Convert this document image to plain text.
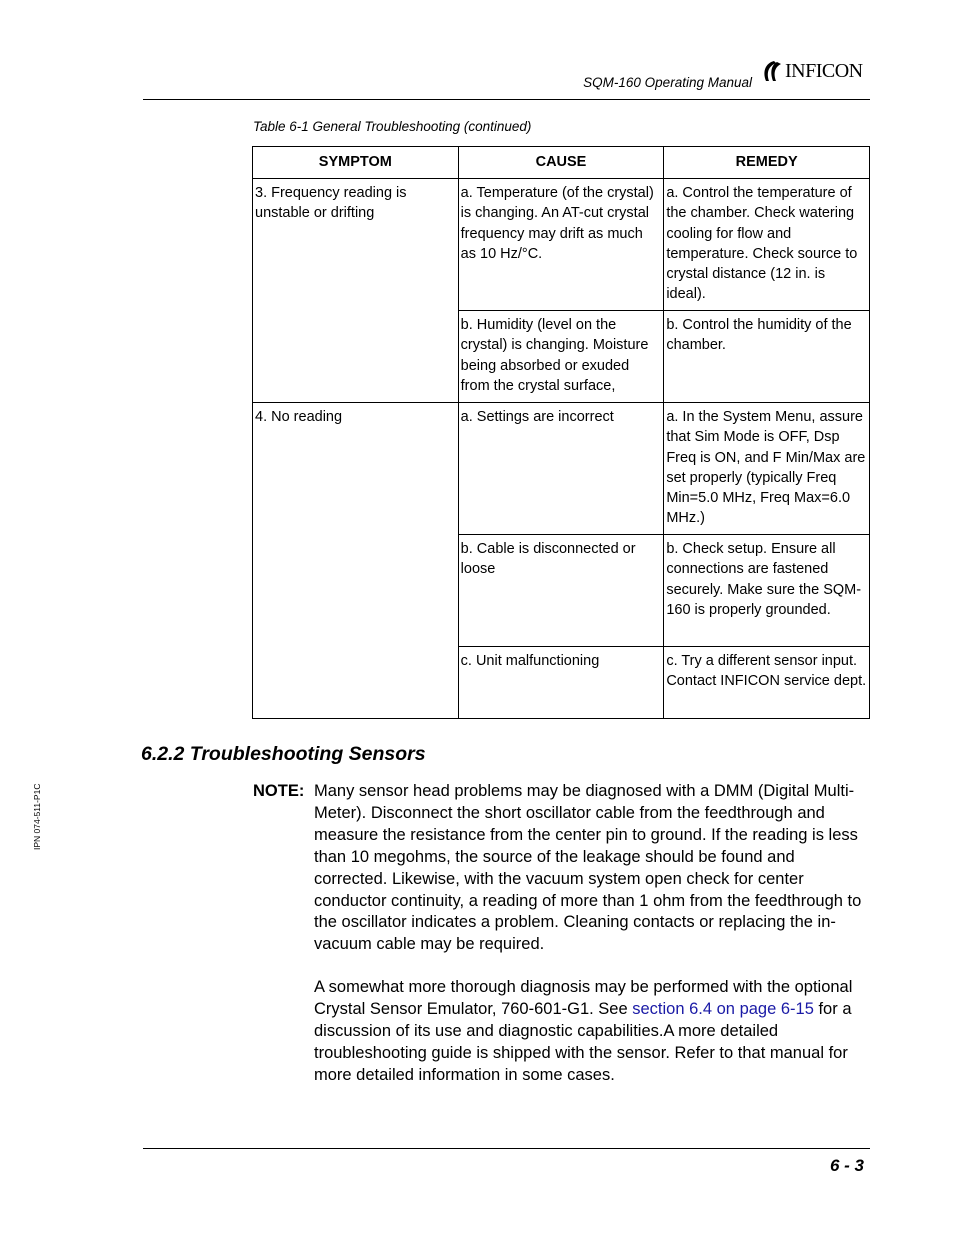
SQM-160 Operating Manual
INFICON
Table 6-1 General Troubleshooting (continued)
SYMPTOM	CAUSE	REMEDY
3. Frequency reading is unstable or drifting	a. Temperature (of the crystal) is changing. An AT-cut crystal frequency may drift as much as 10 Hz/°C.	a. Control the temperature of the chamber. Check watering cooling for flow and temperature. Check source to crystal distance (12 in. is ideal).
	b. Humidity (level on the crystal) is changing. Moisture being absorbed or exuded from the crystal surface,	b. Control the humidity of the chamber.
4. No reading	a. Settings are incorrect	a. In the System Menu, assure that Sim Mode is OFF, Dsp Freq is ON, and F Min/Max are set properly (typically Freq Min=5.0 MHz, Freq Max=6.0 MHz.)
	b. Cable is disconnected or loose	b. Check setup. Ensure all connections are fastened securely. Make sure the SQM-160 is properly grounded.
	c. Unit malfunctioning	c. Try a different sensor input. Contact INFICON service dept.
6.2.2 Troubleshooting Sensors
NOTE: Many sensor head problems may be diagnosed with a DMM (Digital Multi-Meter). Disconnect the short oscillator cable from the feedthrough and measure the resistance from the center pin to ground. If the reading is less than 10 megohms, the source of the leakage should be found and corrected. Likewise, with the vacuum system open check for center conductor continuity, a reading of more than 1 ohm from the feedthrough to the oscillator indicates a problem. Cleaning contacts or replacing the in-vacuum cable may be required.
A somewhat more thorough diagnosis may be performed with the optional Crystal Sensor Emulator, 760-601-G1. See section 6.4 on page 6-15 for a discussion of its use and diagnostic capabilities.A more detailed troubleshooting guide is shipped with the sensor. Refer to that manual for more detailed information in some cases.
IPN 074-511-P1C
6 - 3
